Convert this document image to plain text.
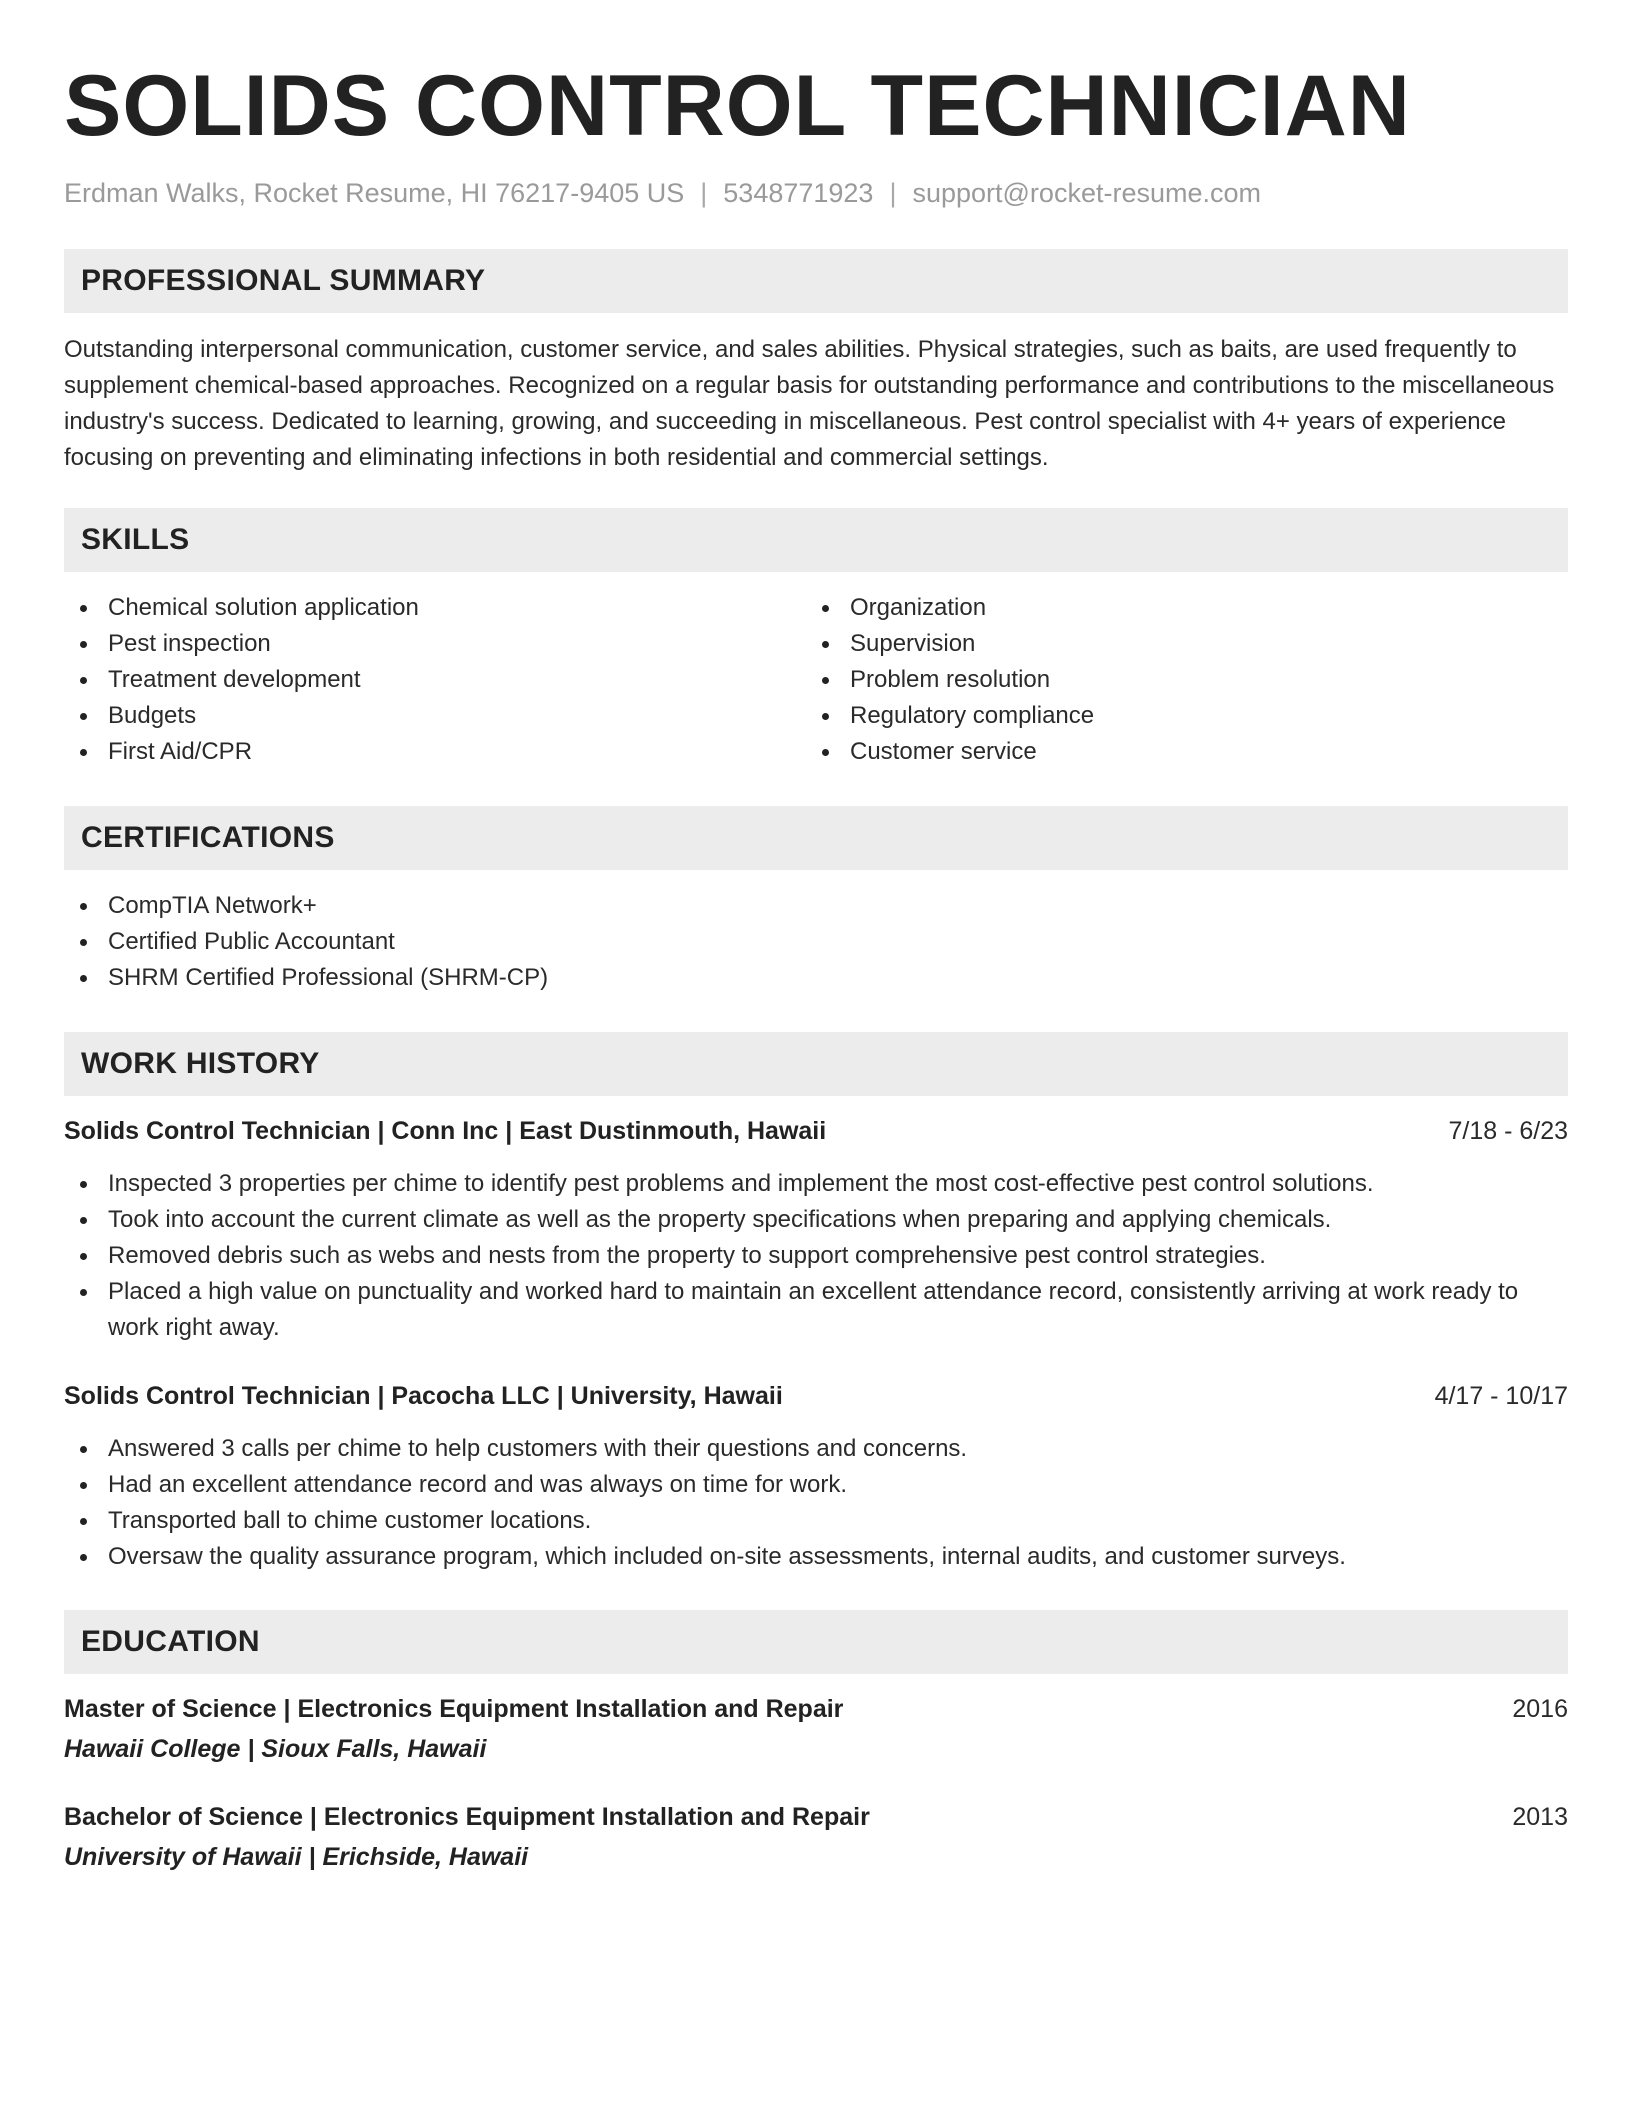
SOLIDS CONTROL TECHNICIAN
Erdman Walks, Rocket Resume, HI 76217-9405 US | 5348771923 | support@rocket-resume.com
PROFESSIONAL SUMMARY

Outstanding interpersonal communication, customer service, and sales abilities. Physical strategies, such as baits, are used frequently to supplement chemical-based approaches. Recognized on a regular basis for outstanding performance and contributions to the miscellaneous industry's success. Dedicated to learning, growing, and succeeding in miscellaneous. Pest control specialist with 4+ years of experience focusing on preventing and eliminating infections in both residential and commercial settings.

SKILLS
Chemical solution application
Pest inspection
Treatment development
Budgets
First Aid/CPR
Organization
Supervision
Problem resolution
Regulatory compliance
Customer service
CERTIFICATIONS
CompTIA Network+
Certified Public Accountant
SHRM Certified Professional (SHRM-CP)
WORK HISTORY
Solids Control Technician | Conn Inc | East Dustinmouth, Hawaii	7/18 - 6/23
Inspected 3 properties per chime to identify pest problems and implement the most cost-effective pest control solutions.
Took into account the current climate as well as the property specifications when preparing and applying chemicals.
Removed debris such as webs and nests from the property to support comprehensive pest control strategies.
Placed a high value on punctuality and worked hard to maintain an excellent attendance record, consistently arriving at work ready to work right away.
Solids Control Technician | Pacocha LLC | University, Hawaii	4/17 - 10/17
Answered 3 calls per chime to help customers with their questions and concerns.
Had an excellent attendance record and was always on time for work.
Transported ball to chime customer locations.
Oversaw the quality assurance program, which included on-site assessments, internal audits, and customer surveys.
EDUCATION
Master of Science | Electronics Equipment Installation and Repair	2016
Hawaii College | Sioux Falls, Hawaii
Bachelor of Science | Electronics Equipment Installation and Repair	2013
University of Hawaii | Erichside, Hawaii
